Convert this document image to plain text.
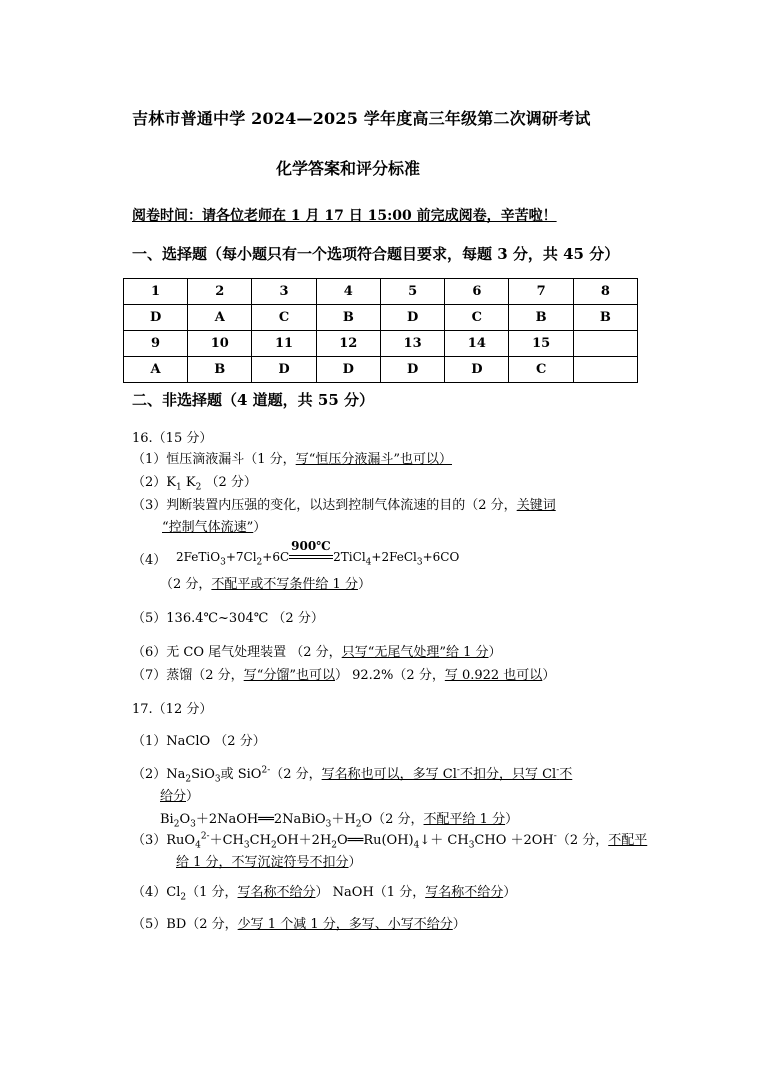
吉林市普通中学 2024—2025 学年度高三年级第二次调研考试
化学答案和评分标准
阅卷时间：请各位老师在 1 月 17 日 15:00 前完成阅卷，辛苦啦！
一、选择题（每小题只有一个选项符合题目要求，每题 3 分，共 45 分）
1	2	3	4	5	6	7	8
D	A	C	B	D	C	B	B
9	10	11	12	13	14	15	
A	B	D	D	D	D	C	
二、非选择题（4 道题，共 55 分）
16.（15 分）
（1）恒压滴液漏斗（1 分，写“恒压分液漏斗”也可以）
$(2)K_1$ $K_2$ （2 分）
（3）判断装置内压强的变化，以达到控制气体流速的目的（2 分，关键词
“控制气体流速”）
（4） $2FeTiO_3+7Cl_2+6C$
900℃
2TiCl$_4$+2FeCl$_3$+6CO
（2 分，不配平或不写条件给 1 分）
（5）136.4℃~304℃ （2 分）
（6）无 CO 尾气处理装置 （2 分，只写“无尾气处理”给 1 分）
（7）蒸馏（2 分，写“分馏”也可以） 92.2%（2 分，写 0.922 也可以）
17.（12 分）
（1）NaClO （2 分）
$(2)Na_2SiO_3$或 SiO$^{2-}$（2 分，写名称也可以，多写 Cl-不扣分，只写 Cl-不
给分）
$Bi_2O_3+2NaOH══2NaBiO_3+H_2O(2$ 分，不配平给 1 分）
$(3)RuO_4^{2-}+CH_3CH_2OH+2H_2O══Ru(OH)_4↓+ CH_3CHO +2OH^-(2$ 分，不配平
给 1 分，不写沉淀符号不扣分）
$(4)Cl_2(1$ 分，写名称不给分） NaOH（1 分，写名称不给分）
（5）BD（2 分，少写 1 个减 1 分，多写、小写不给分）
